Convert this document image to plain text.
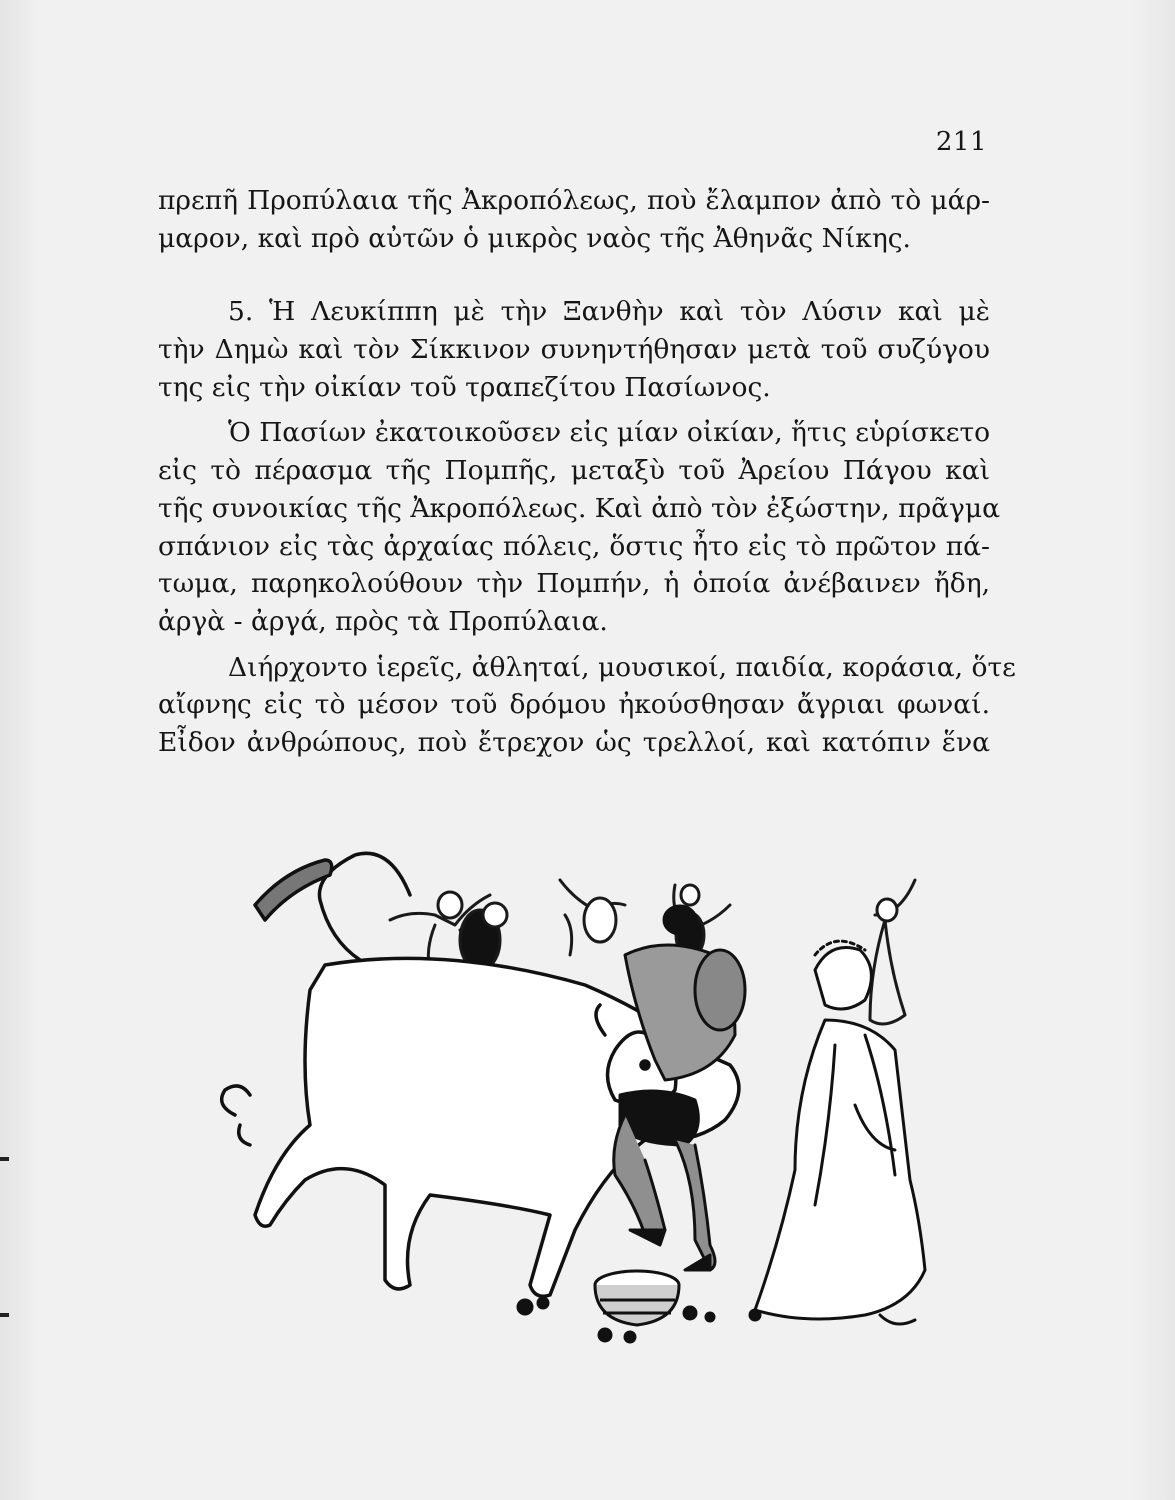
211
πρεπῆ Προπύλαια τῆς Ἀκροπόλεως, ποὺ ἔλαμπον ἀπὸ τὸ μάρ-
μαρον, καὶ πρὸ αὐτῶν ὁ μικρὸς ναὸς τῆς Ἀθηνᾶς Νίκης.
5. Ἡ Λευκίππη μὲ τὴν Ξανθὴν καὶ τὸν Λύσιν καὶ μὲ
τὴν Δημὼ καὶ τὸν Σίκκινον συνηντήθησαν μετὰ τοῦ συζύγου
της εἰς τὴν οἰκίαν τοῦ τραπεζίτου Πασίωνος.
Ὁ Πασίων ἐκατοικοῦσεν εἰς μίαν οἰκίαν, ἥτις εὑρίσκετο
εἰς τὸ πέρασμα τῆς Πομπῆς, μεταξὺ τοῦ Ἀρείου Πάγου καὶ
τῆς συνοικίας τῆς Ἀκροπόλεως. Καὶ ἀπὸ τὸν ἐξώστην, πρᾶγμα
σπάνιον εἰς τὰς ἀρχαίας πόλεις, ὅστις ἦτο εἰς τὸ πρῶτον πά-
τωμα, παρηκολούθουν τὴν Πομπήν, ἡ ὁποία ἀνέβαινεν ἤδη,
ἀργὰ - ἀργά, πρὸς τὰ Προπύλαια.
Διήρχοντο ἱερεῖς, ἀθληταί, μουσικοί, παιδία, κοράσια, ὅτε
αἴφνης εἰς τὸ μέσον τοῦ δρόμου ἠκούσθησαν ἄγριαι φωναί.
Εἶδον ἀνθρώπους, ποὺ ἔτρεχον ὡς τρελλοί, καὶ κατόπιν ἕνα
